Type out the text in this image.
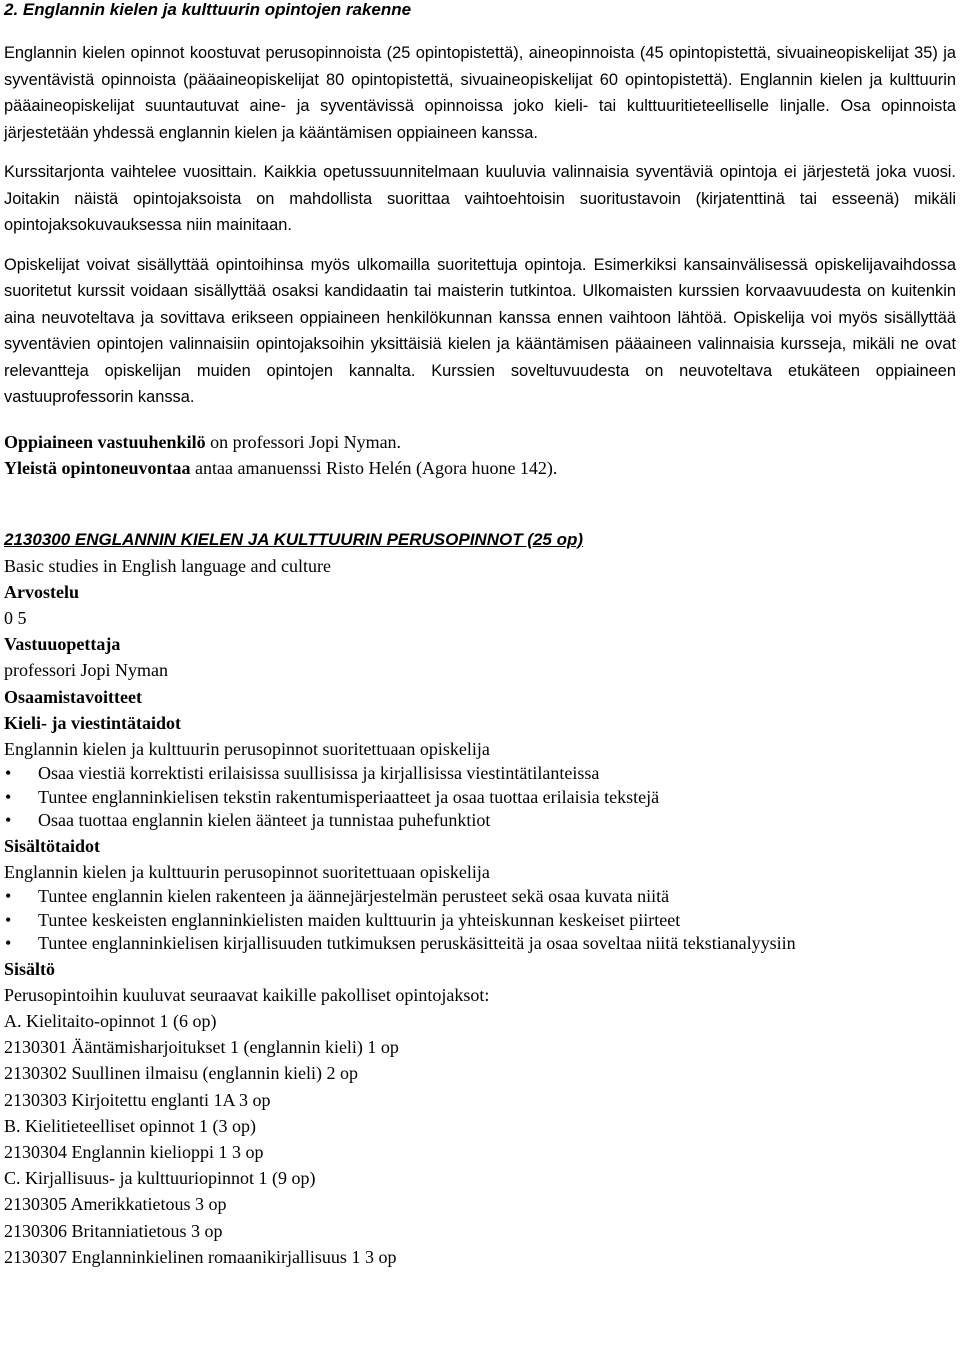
2. Englannin kielen ja kulttuurin opintojen rakenne

Englannin kielen opinnot koostuvat perusopinnoista (25 opintopistettä), aineopinnoista (45 opintopistettä, sivuaineopiskelijat 35) ja syventävistä opinnoista (pääaineopiskelijat 80 opintopistettä, sivuaineopiskelijat 60 opintopistettä). Englannin kielen ja kulttuurin pääaineopiskelijat suuntautuvat aine- ja syventävissä opinnoissa joko kieli- tai kulttuuritieteelliselle linjalle. Osa opinnoista järjestetään yhdessä englannin kielen ja kääntämisen oppiaineen kanssa.

Kurssitarjonta vaihtelee vuosittain. Kaikkia opetussuunnitelmaan kuuluvia valinnaisia syventäviä opintoja ei järjestetä joka vuosi. Joitakin näistä opintojaksoista on mahdollista suorittaa vaihtoehtoisin suoritustavoin (kirjatenttinä tai esseenä) mikäli opintojaksokuvauksessa niin mainitaan.

Opiskelijat voivat sisällyttää opintoihinsa myös ulkomailla suoritettuja opintoja. Esimerkiksi kansainvälisessä opiskelijavaihdossa suoritetut kurssit voidaan sisällyttää osaksi kandidaatin tai maisterin tutkintoa. Ulkomaisten kurssien korvaavuudesta on kuitenkin aina neuvoteltava ja sovittava erikseen oppiaineen henkilökunnan kanssa ennen vaihtoon lähtöä. Opiskelija voi myös sisällyttää syventävien opintojen valinnaisiin opintojaksoihin yksittäisiä kielen ja kääntämisen pääaineen valinnaisia kursseja, mikäli ne ovat relevantteja opiskelijan muiden opintojen kannalta. Kurssien soveltuvuudesta on neuvoteltava etukäteen oppiaineen vastuuprofessorin kanssa.

Oppiaineen vastuuhenkilö on professori Jopi Nyman.

Yleistä opintoneuvontaa antaa amanuenssi Risto Helén (Agora huone 142).

2130300 ENGLANNIN KIELEN JA KULTTUURIN PERUSOPINNOT (25 op)

Basic studies in English language and culture

Arvostelu

0 5

Vastuuopettaja

professori Jopi Nyman

Osaamistavoitteet

Kieli- ja viestintätaidot

Englannin kielen ja kulttuurin perusopinnot suoritettuaan opiskelija

• Osaa viestiä korrektisti erilaisissa suullisissa ja kirjallisissa viestintätilanteissa
• Tuntee englanninkielisen tekstin rakentumisperiaatteet ja osaa tuottaa erilaisia tekstejä
• Osaa tuottaa englannin kielen äänteet ja tunnistaa puhefunktiot

Sisältötaidot

Englannin kielen ja kulttuurin perusopinnot suoritettuaan opiskelija

• Tuntee englannin kielen rakenteen ja äännejärjestelmän perusteet sekä osaa kuvata niitä
• Tuntee keskeisten englanninkielisten maiden kulttuurin ja yhteiskunnan keskeiset piirteet
• Tuntee englanninkielisen kirjallisuuden tutkimuksen peruskäsitteitä ja osaa soveltaa niitä tekstianalyysiin

Sisältö

Perusopintoihin kuuluvat seuraavat kaikille pakolliset opintojaksot:

A. Kielitaito-opinnot 1 (6 op)

2130301 Ääntämisharjoitukset 1 (englannin kieli) 1 op

2130302 Suullinen ilmaisu (englannin kieli) 2 op

2130303 Kirjoitettu englanti 1A 3 op

B. Kielitieteelliset opinnot 1 (3 op)

2130304 Englannin kielioppi 1 3 op

C. Kirjallisuus- ja kulttuuriopinnot 1 (9 op)

2130305 Amerikkatietous 3 op

2130306 Britanniatietous 3 op

2130307 Englanninkielinen romaanikirjallisuus 1 3 op
